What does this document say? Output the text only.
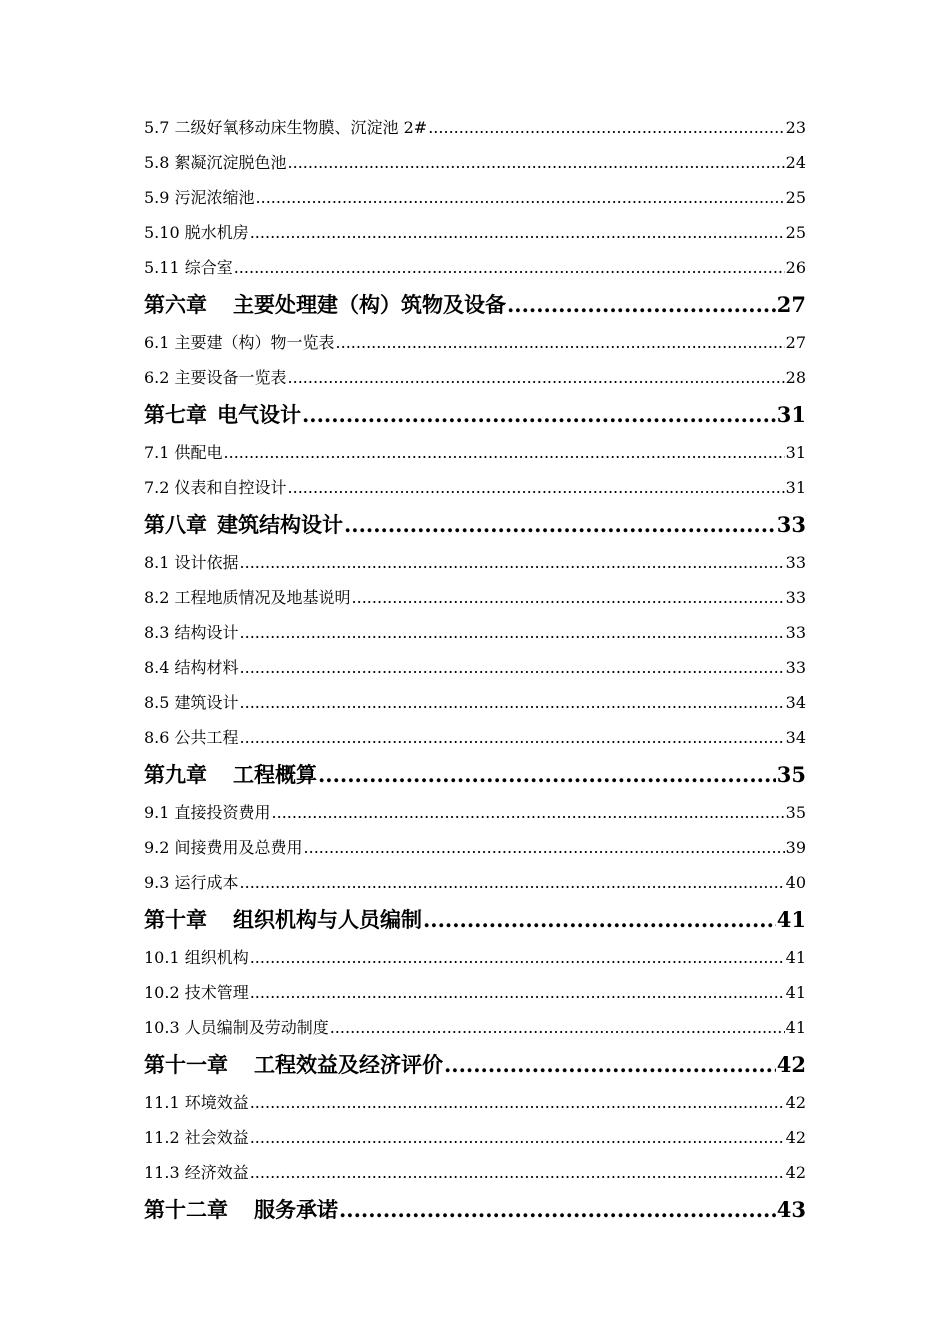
5.7 二级好氧移动床生物膜、沉淀池 2# .....	23
5.8 絮凝沉淀脱色池 .....	24
5.9 污泥浓缩池 .....	25
5.10 脱水机房 .....	25
5.11 综合室 .....	26
第六章 主要处理建（构）筑物及设备 .....	27
6.1 主要建（构）物一览表 .....	27
6.2 主要设备一览表 .....	28
第七章 电气设计 .....	31
7.1 供配电 .....	31
7.2 仪表和自控设计 .....	31
第八章 建筑结构设计 .....	33
8.1 设计依据 .....	33
8.2 工程地质情况及地基说明 .....	33
8.3 结构设计 .....	33
8.4 结构材料 .....	33
8.5 建筑设计 .....	34
8.6 公共工程 .....	34
第九章 工程概算 .....	35
9.1 直接投资费用 .....	35
9.2 间接费用及总费用 .....	39
9.3 运行成本 .....	40
第十章 组织机构与人员编制 .....	41
10.1 组织机构 .....	41
10.2 技术管理 .....	41
10.3 人员编制及劳动制度 .....	41
第十一章 工程效益及经济评价 .....	42
11.1 环境效益 .....	42
11.2 社会效益 .....	42
11.3 经济效益 .....	42
第十二章 服务承诺 .....	43
